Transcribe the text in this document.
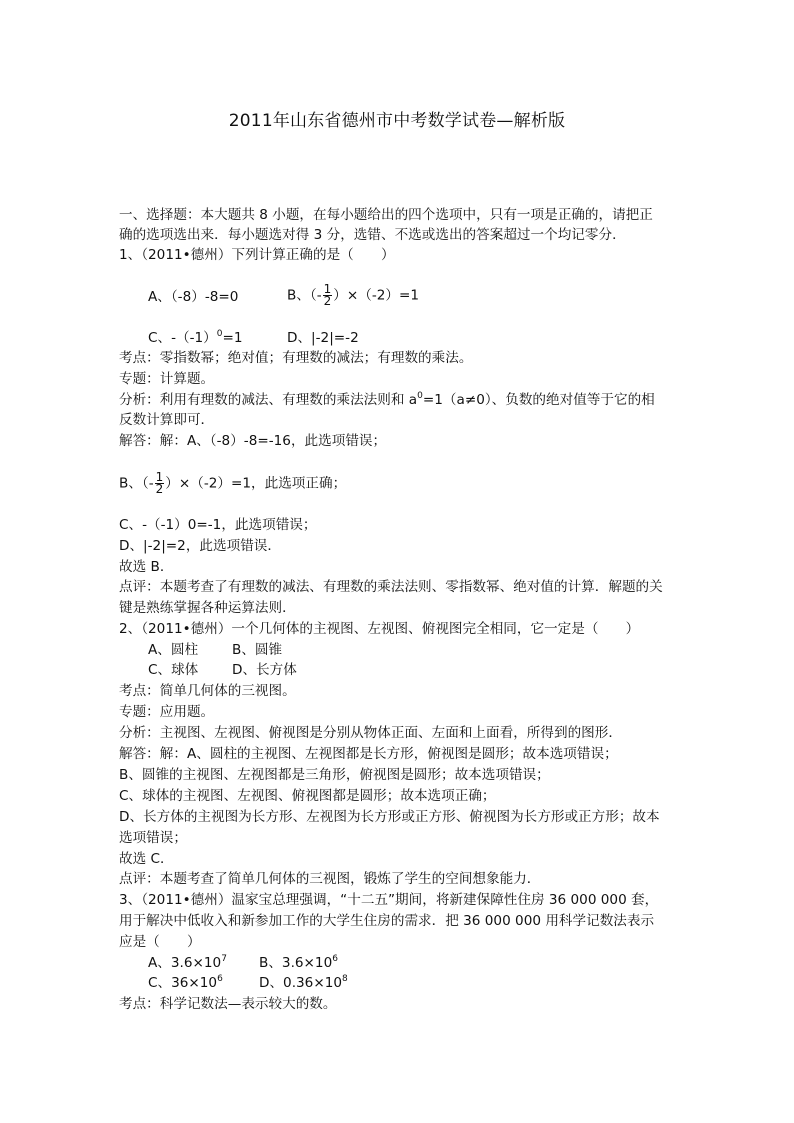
2011年山东省德州市中考数学试卷—解析版
一、选择题：本大题共 8 小题，在每小题给出的四个选项中，只有一项是正确的，请把正
确的选项选出来．每小题选对得 3 分，选错、不选或选出的答案超过一个均记零分．
1、（2011•德州）下列计算正确的是（　　）
A、（-8）-8=0	B、（- $\frac{1}{2} )\times(-2)=1$
C、$-(-1)^0=1$	D、|-2|=-2
考点：零指数幂；绝对值；有理数的减法；有理数的乘法。
专题：计算题。
分析：利用有理数的减法、有理数的乘法法则和 $a^0=1(a\ne 0)$、负数的绝对值等于它的相
反数计算即可．
解答：解：A、（-8）-8=-16，此选项错误；
B、（- $\frac{1}{2} )\times(-2)=1$，此选项正确；
C、-（-1）0=-1，此选项错误；
D、|-2|=2，此选项错误．
故选 B．
点评：本题考查了有理数的减法、有理数的乘法法则、零指数幂、绝对值的计算．解题的关
键是熟练掌握各种运算法则．
2、（2011•德州）一个几何体的主视图、左视图、俯视图完全相同，它一定是（　　）
A、圆柱 B、圆锥
C、球体 D、长方体
考点：简单几何体的三视图。
专题：应用题。
分析：主视图、左视图、俯视图是分别从物体正面、左面和上面看，所得到的图形．
解答：解：A、圆柱的主视图、左视图都是长方形，俯视图是圆形；故本选项错误；
B、圆锥的主视图、左视图都是三角形，俯视图是圆形；故本选项错误；
C、球体的主视图、左视图、俯视图都是圆形；故本选项正确；
D、长方体的主视图为长方形、左视图为长方形或正方形、俯视图为长方形或正方形；故本
选项错误；
故选 C．
点评：本题考查了简单几何体的三视图，锻炼了学生的空间想象能力．
3、（2011•德州）温家宝总理强调，“十二五”期间，将新建保障性住房 36 000 000 套，
用于解决中低收入和新参加工作的大学生住房的需求．把 36 000 000 用科学记数法表示
应是（　　）
A、$3.6\times 10^7$ B、$3.6\times 10^6$
C、$36\times 10^6$	D、$0.36\times 10^8$
考点：科学记数法—表示较大的数。
